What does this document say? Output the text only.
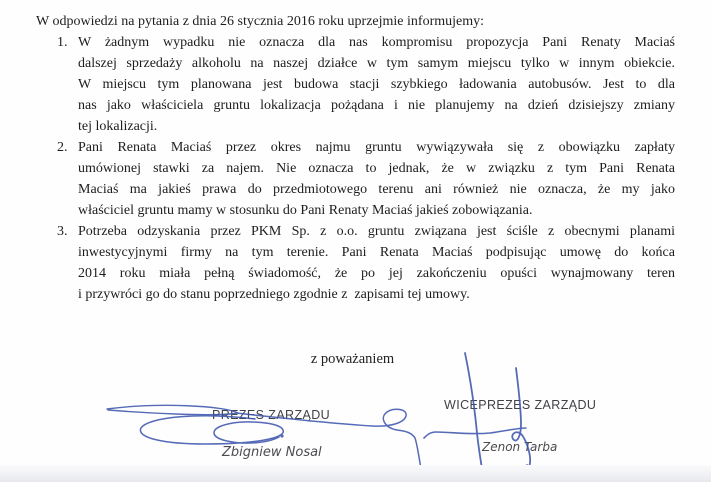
W odpowiedzi na pytania z dnia 26 stycznia 2016 roku uprzejmie informujemy:
1. W żadnym wypadku nie oznacza dla nas kompromisu propozycja Pani Renaty Maciaś
dalszej sprzedaży alkoholu na naszej działce w tym samym miejscu tylko w innym obiekcie.
W miejscu tym planowana jest budowa stacji szybkiego ładowania autobusów. Jest to dla
nas jako właściciela gruntu lokalizacja pożądana i nie planujemy na dzień dzisiejszy zmiany
tej lokalizacji.
2. Pani Renata Maciaś przez okres najmu gruntu wywiązywała się z obowiązku zapłaty
umówionej stawki za najem. Nie oznacza to jednak, że w związku z tym Pani Renata
Maciaś ma jakieś prawa do przedmiotowego terenu ani również nie oznacza, że my jako
właściciel gruntu mamy w stosunku do Pani Renaty Maciaś jakieś zobowiązania.
3. Potrzeba odzyskania przez PKM Sp. z o.o. gruntu związana jest ściśle z obecnymi planami
inwestycyjnymi firmy na tym terenie. Pani Renata Maciaś podpisując umowę do końca
2014 roku miała pełną świadomość, że po jej zakończeniu opuści wynajmowany teren
i przywróci go do stanu poprzedniego zgodnie z  zapisami tej umowy.
z poważaniem
PREZES ZARZĄDU
Zbigniew Nosal
WICEPREZES ZARZĄDU
Zenon Tarba
